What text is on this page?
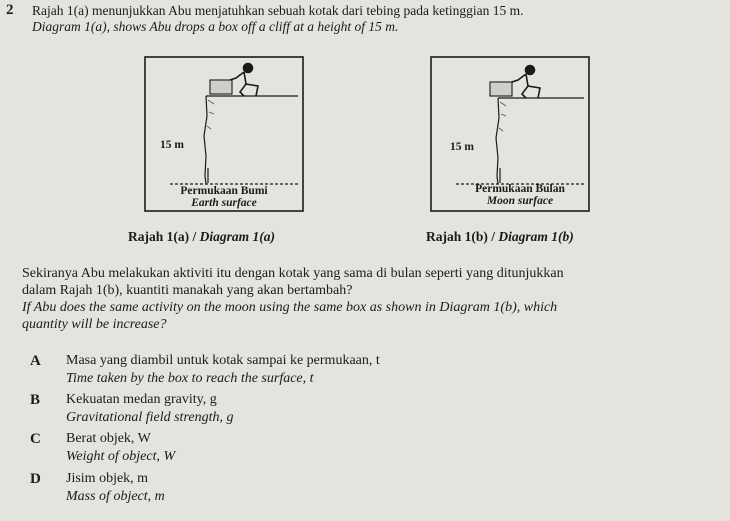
2 Rajah 1(a) menunjukkan Abu menjatuhkan sebuah kotak dari tebing pada ketinggian 15 m.
Diagram 1(a), shows Abu drops a box off a cliff at a height of 15 m.
15 m
Permukaan Bumi
Earth surface
15 m
Permukaan Bulan
Moon surface
Rajah 1(a) / Diagram 1(a)	Rajah 1(b) / Diagram 1(b)
Sekiranya Abu melakukan aktiviti itu dengan kotak yang sama di bulan seperti yang ditunjukkan
dalam Rajah 1(b), kuantiti manakah yang akan bertambah?
If Abu does the same activity on the moon using the same box as shown in Diagram 1(b), which
quantity will be increase?
A Masa yang diambil untuk kotak sampai ke permukaan, t
Time taken by the box to reach the surface, t
B Kekuatan medan gravity, g
Gravitational field strength, g
C Berat objek, W
Weight of object, W
D Jisim objek, m
Mass of object, m
